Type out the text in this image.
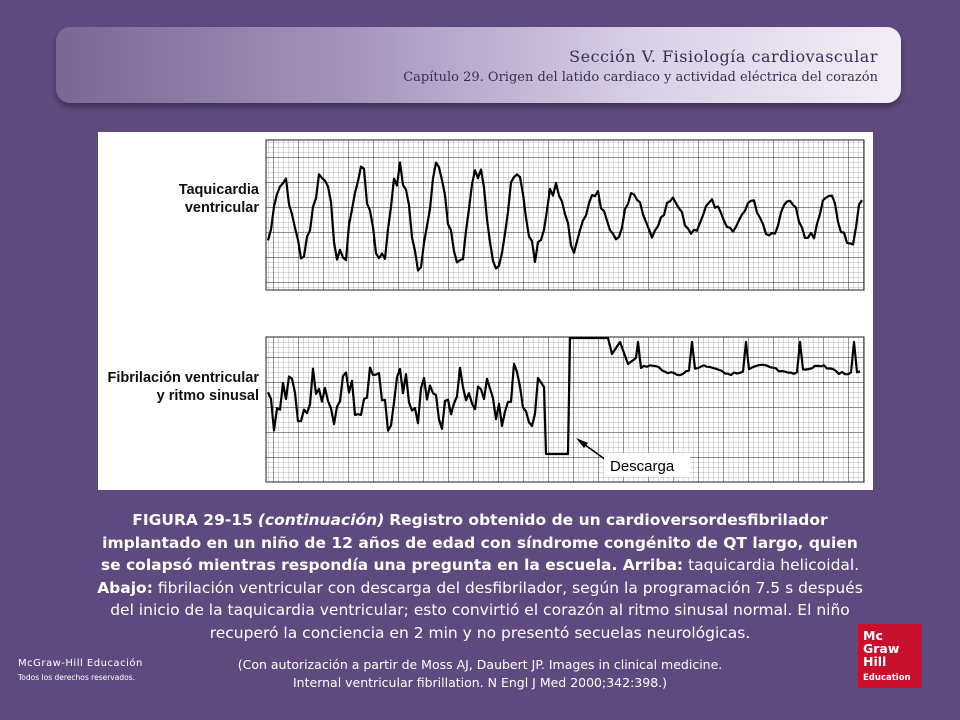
Sección V. Fisiología cardiovascular
Capítulo 29. Origen del latido cardiaco y actividad eléctrica del corazón
Taquicardia
ventricular
Fibrilación ventricular
y ritmo sinusal
Descarga
FIGURA 29-15 (continuación) Registro obtenido de un cardioversordesfibrilador implantado en un niño de 12 años de edad con síndrome congénito de QT largo, quien se colapsó mientras respondía una pregunta en la escuela. Arriba: taquicardia helicoidal. Abajo: fibrilación ventricular con descarga del desfibrilador, según la programación 7.5 s después del inicio de la taquicardia ventricular; esto convirtió el corazón al ritmo sinusal normal. El niño recuperó la conciencia en 2 min y no presentó secuelas neurológicas.
(Con autorización a partir de Moss AJ, Daubert JP. Images in clinical medicine.
Internal ventricular fibrillation. N Engl J Med 2000;342:398.)
McGraw-Hill Educación
Todos los derechos reservados.
Mc
Graw
Hill
Education
